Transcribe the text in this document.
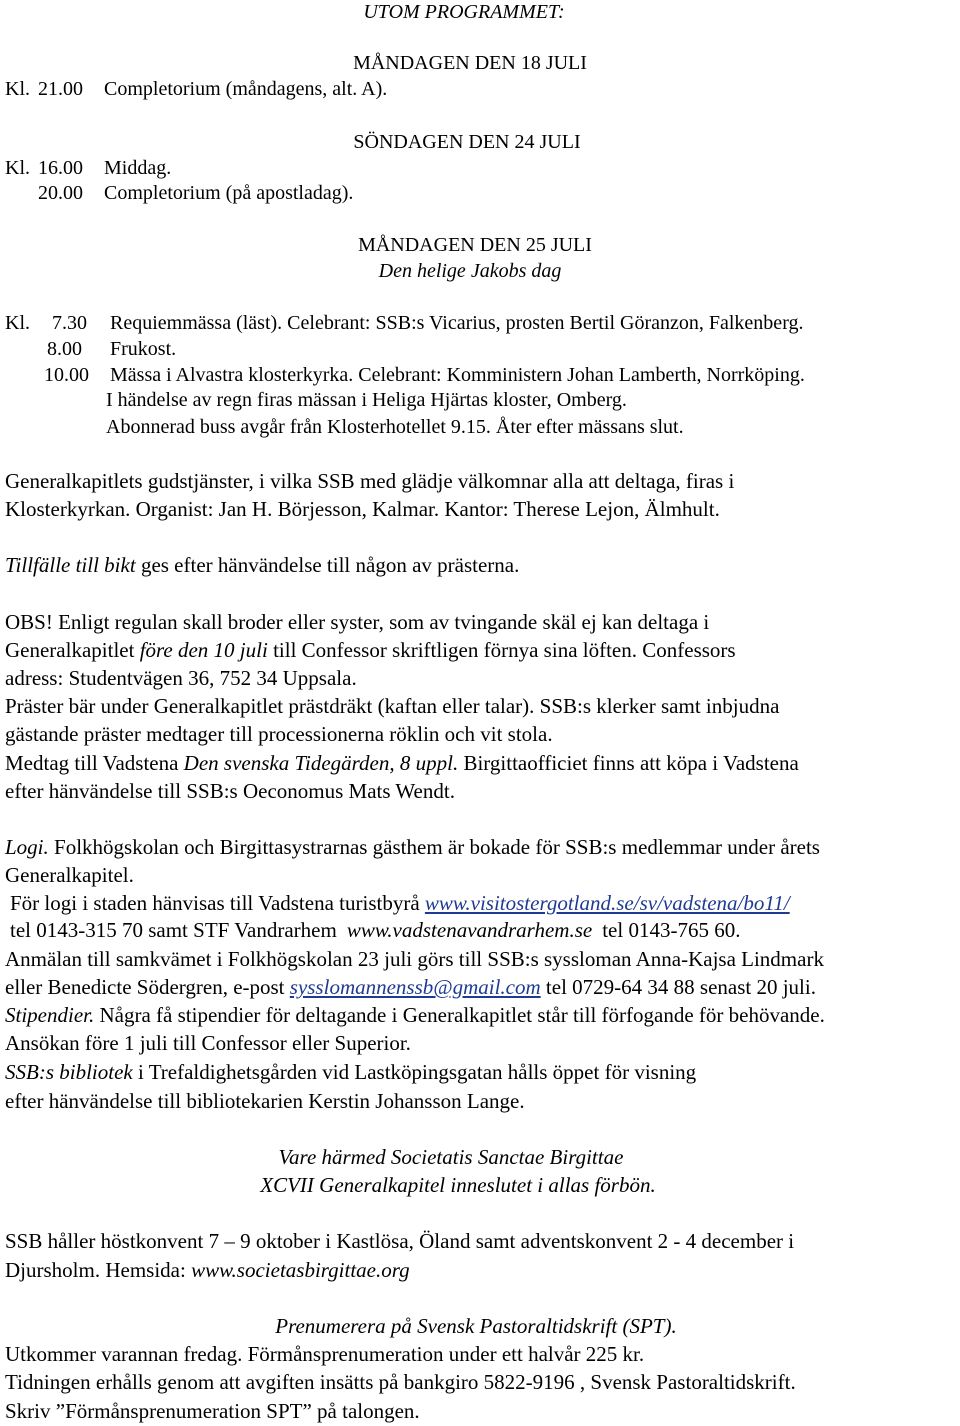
UTOM PROGRAMMET:
MÅNDAGEN DEN 18 JULI
Kl. 21.00 Completorium (måndagens, alt. A).
SÖNDAGEN DEN 24 JULI
Kl. 16.00 Middag.
20.00 Completorium (på apostladag).
MÅNDAGEN DEN 25 JULI
Den helige Jakobs dag
Kl. 7.30 Requiemmässa (läst). Celebrant: SSB:s Vicarius, prosten Bertil Göranzon, Falkenberg.
8.00 Frukost.
10.00 Mässa i Alvastra klosterkyrka. Celebrant: Komministern Johan Lamberth, Norrköping.
I händelse av regn firas mässan i Heliga Hjärtas kloster, Omberg.
Abonnerad buss avgår från Klosterhotellet 9.15. Åter efter mässans slut.
Generalkapitlets gudstjänster, i vilka SSB med glädje välkomnar alla att deltaga, firas i
Klosterkyrkan. Organist: Jan H. Börjesson, Kalmar. Kantor: Therese Lejon, Älmhult.
Tillfälle till bikt ges efter hänvändelse till någon av prästerna.
OBS! Enligt regulan skall broder eller syster, som av tvingande skäl ej kan deltaga i
Generalkapitlet före den 10 juli till Confessor skriftligen förnya sina löften. Confessors
adress: Studentvägen 36, 752 34 Uppsala.
Präster bär under Generalkapitlet prästdräkt (kaftan eller talar). SSB:s klerker samt inbjudna
gästande präster medtager till processionerna röklin och vit stola.
Medtag till Vadstena Den svenska Tidegärden, 8 uppl. Birgittaofficiet finns att köpa i Vadstena
efter hänvändelse till SSB:s Oeconomus Mats Wendt.
Logi. Folkhögskolan och Birgittasystrarnas gästhem är bokade för SSB:s medlemmar under årets
Generalkapitel.
För logi i staden hänvisas till Vadstena turistbyrå www.visitostergotland.se/sv/vadstena/bo11/
tel 0143-315 70 samt STF Vandrarhem www.vadstenavandrarhem.se tel 0143-765 60.
Anmälan till samkvämet i Folkhögskolan 23 juli görs till SSB:s syssloman Anna-Kajsa Lindmark
eller Benedicte Södergren, e-post sysslomannenssb@gmail.com tel 0729-64 34 88 senast 20 juli.
Stipendier. Några få stipendier för deltagande i Generalkapitlet står till förfogande för behövande.
Ansökan före 1 juli till Confessor eller Superior.
SSB:s bibliotek i Trefaldighetsgården vid Lastköpingsgatan hålls öppet för visning
efter hänvändelse till bibliotekarien Kerstin Johansson Lange.
Vare härmed Societatis Sanctae Birgittae
XCVII Generalkapitel inneslutet i allas förbön.
SSB håller höstkonvent 7 – 9 oktober i Kastlösa, Öland samt adventskonvent 2 - 4 december i
Djursholm. Hemsida: www.societasbirgittae.org
Prenumerera på Svensk Pastoraltidskrift (SPT).
Utkommer varannan fredag. Förmånsprenumeration under ett halvår 225 kr.
Tidningen erhålls genom att avgiften insätts på bankgiro 5822-9196 , Svensk Pastoraltidskrift.
Skriv ”Förmånsprenumeration SPT” på talongen.
